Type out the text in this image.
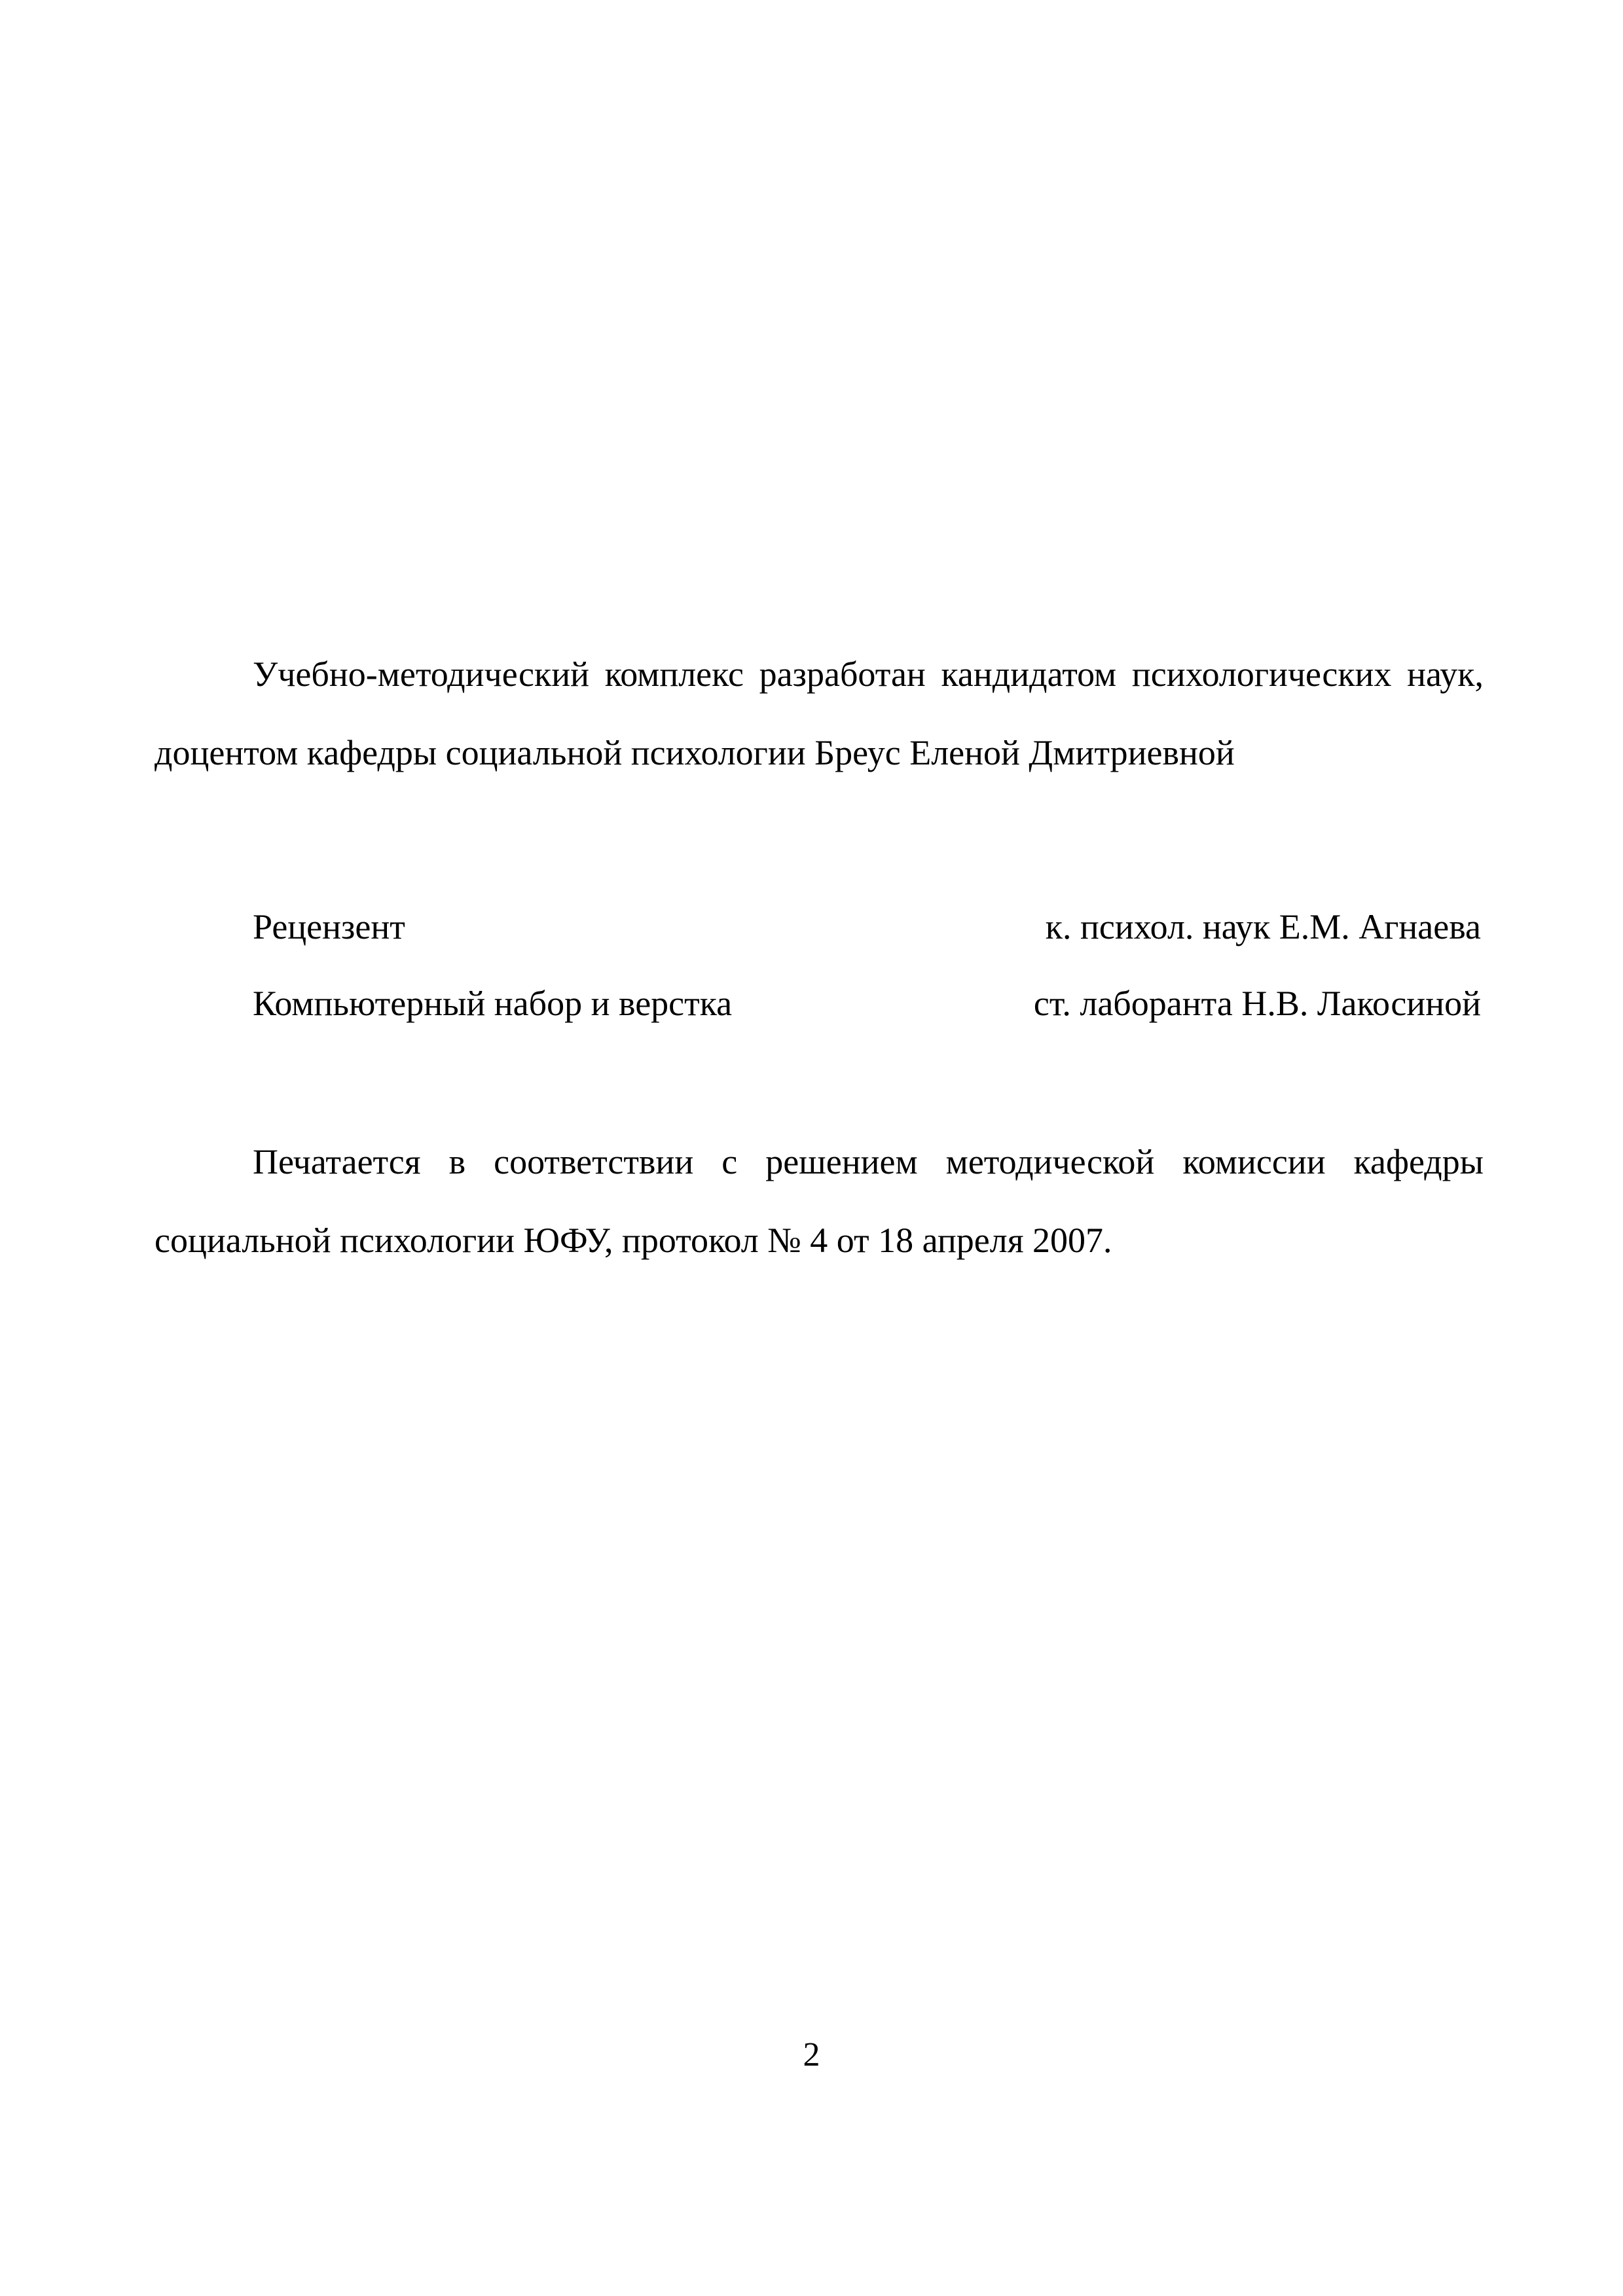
Учебно-методический комплекс разработан кандидатом психологических наук, доцентом кафедры социальной психологии Бреус Еленой Дмитриевной

Рецензент	к. психол. наук Е.М. Агнаева
Компьютерный набор и верстка	ст. лаборанта Н.В. Лакосиной

Печатается в соответствии с решением методической комиссии кафедры социальной психологии ЮФУ, протокол № 4 от 18 апреля 2007.

2
